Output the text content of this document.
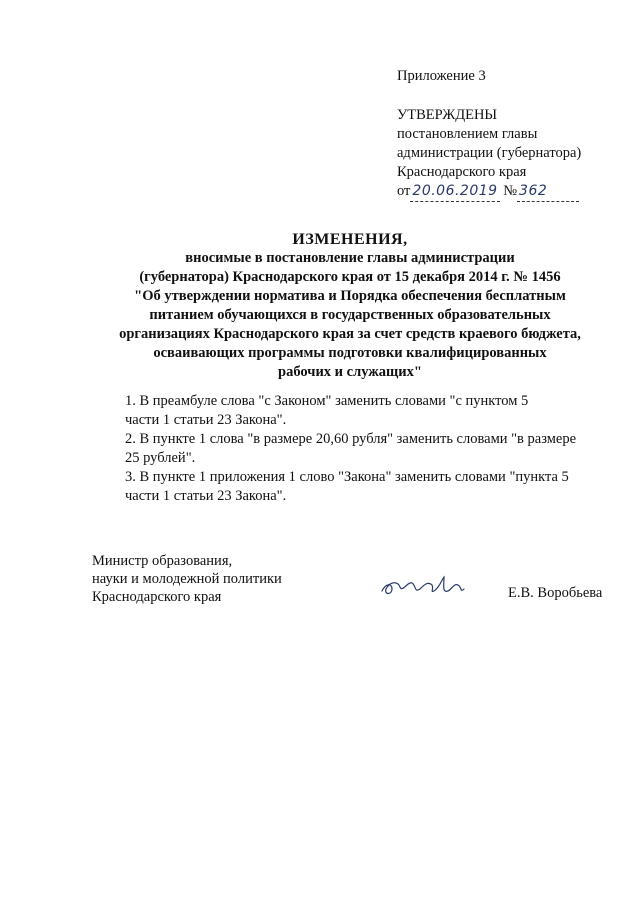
Приложение 3
УТВЕРЖДЕНЫ
постановлением главы
администрации (губернатора)
Краснодарского края
от 20.06.2019 № 362
ИЗМЕНЕНИЯ,
вносимые в постановление главы администрации
(губернатора) Краснодарского края от 15 декабря 2014 г. № 1456
"Об утверждении норматива и Порядка обеспечения бесплатным
питанием обучающихся в государственных образовательных
организациях Краснодарского края за счет средств краевого бюджета,
осваивающих программы подготовки квалифицированных
рабочих и служащих"

1. В преамбуле слова "с Законом" заменить словами "с пунктом 5
части 1 статьи 23 Закона".

2. В пункте 1 слова "в размере 20,60 рубля" заменить словами "в размере
25 рублей".

3. В пункте 1 приложения 1 слово "Закона" заменить словами "пункта 5
части 1 статьи 23 Закона".

Министр образования,
науки и молодежной политики
Краснодарского края	Е.В. Воробьева
